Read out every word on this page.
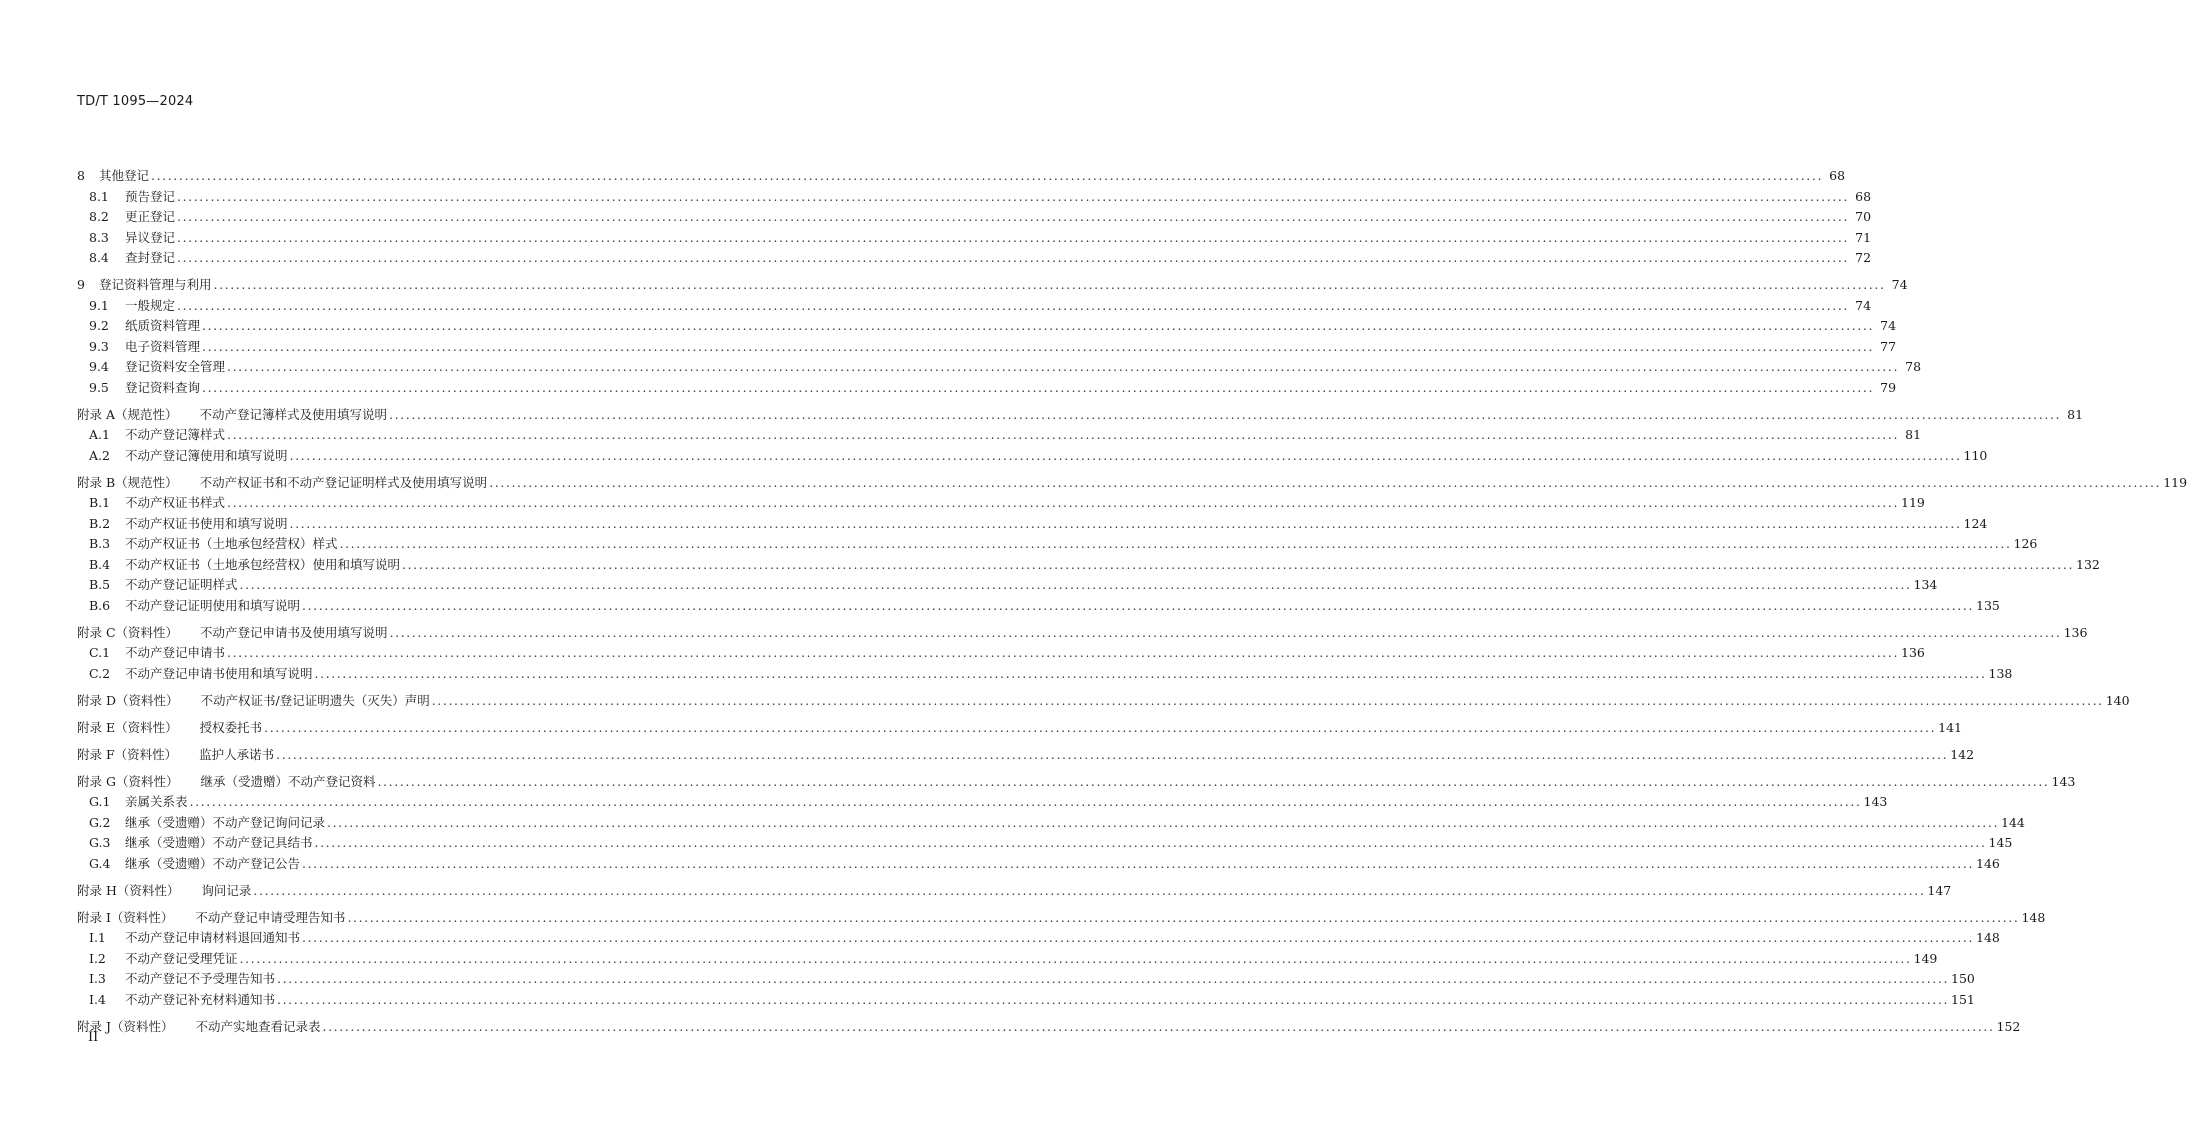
TD/T 1095—2024
8	其他登记 ............................................................................................................................................................................................................................................................................................................ 68
8.1	预告登记 ............................................................................................................................................................................................................................................................................................................ 68
8.2	更正登记 ............................................................................................................................................................................................................................................................................................................ 70
8.3	异议登记 ............................................................................................................................................................................................................................................................................................................ 71
8.4	查封登记 ............................................................................................................................................................................................................................................................................................................ 72
9	登记资料管理与利用 ............................................................................................................................................................................................................................................................................................................ 74
9.1	一般规定 ............................................................................................................................................................................................................................................................................................................ 74
9.2	纸质资料管理 ............................................................................................................................................................................................................................................................................................................ 74
9.3	电子资料管理 ............................................................................................................................................................................................................................................................................................................ 77
9.4	登记资料安全管理 ............................................................................................................................................................................................................................................................................................................ 78
9.5	登记资料查询 ............................................................................................................................................................................................................................................................................................................ 79
附录 A（规范性） 不动产登记簿样式及使用填写说明 ............................................................................................................................................................................................................................................................................................................ 81
A.1	不动产登记簿样式 ............................................................................................................................................................................................................................................................................................................ 81
A.2	不动产登记簿使用和填写说明 ............................................................................................................................................................................................................................................................................................................ 110
附录 B（规范性） 不动产权证书和不动产登记证明样式及使用填写说明 ............................................................................................................................................................................................................................................................................................................ 119
B.1	不动产权证书样式 ............................................................................................................................................................................................................................................................................................................ 119
B.2	不动产权证书使用和填写说明 ............................................................................................................................................................................................................................................................................................................ 124
B.3	不动产权证书（土地承包经营权）样式 ............................................................................................................................................................................................................................................................................................................ 126
B.4	不动产权证书（土地承包经营权）使用和填写说明 ............................................................................................................................................................................................................................................................................................................ 132
B.5	不动产登记证明样式 ............................................................................................................................................................................................................................................................................................................ 134
B.6	不动产登记证明使用和填写说明 ............................................................................................................................................................................................................................................................................................................ 135
附录 C（资料性） 不动产登记申请书及使用填写说明 ............................................................................................................................................................................................................................................................................................................ 136
C.1	不动产登记申请书 ............................................................................................................................................................................................................................................................................................................ 136
C.2	不动产登记申请书使用和填写说明 ............................................................................................................................................................................................................................................................................................................ 138
附录 D（资料性） 不动产权证书/登记证明遗失（灭失）声明 ............................................................................................................................................................................................................................................................................................................ 140
附录 E（资料性） 授权委托书 ............................................................................................................................................................................................................................................................................................................ 141
附录 F（资料性） 监护人承诺书 ............................................................................................................................................................................................................................................................................................................ 142
附录 G（资料性） 继承（受遗赠）不动产登记资料 ............................................................................................................................................................................................................................................................................................................ 143
G.1	亲属关系表 ............................................................................................................................................................................................................................................................................................................ 143
G.2	继承（受遗赠）不动产登记询问记录 ............................................................................................................................................................................................................................................................................................................ 144
G.3	继承（受遗赠）不动产登记具结书 ............................................................................................................................................................................................................................................................................................................ 145
G.4	继承（受遗赠）不动产登记公告 ............................................................................................................................................................................................................................................................................................................ 146
附录 H（资料性） 询问记录 ............................................................................................................................................................................................................................................................................................................ 147
附录 I（资料性） 不动产登记申请受理告知书 ............................................................................................................................................................................................................................................................................................................ 148
I.1	不动产登记申请材料退回通知书 ............................................................................................................................................................................................................................................................................................................ 148
I.2	不动产登记受理凭证 ............................................................................................................................................................................................................................................................................................................ 149
I.3	不动产登记不予受理告知书 ............................................................................................................................................................................................................................................................................................................ 150
I.4	不动产登记补充材料通知书 ............................................................................................................................................................................................................................................................................................................ 151
附录 J（资料性） 不动产实地查看记录表 ............................................................................................................................................................................................................................................................................................................ 152
II
